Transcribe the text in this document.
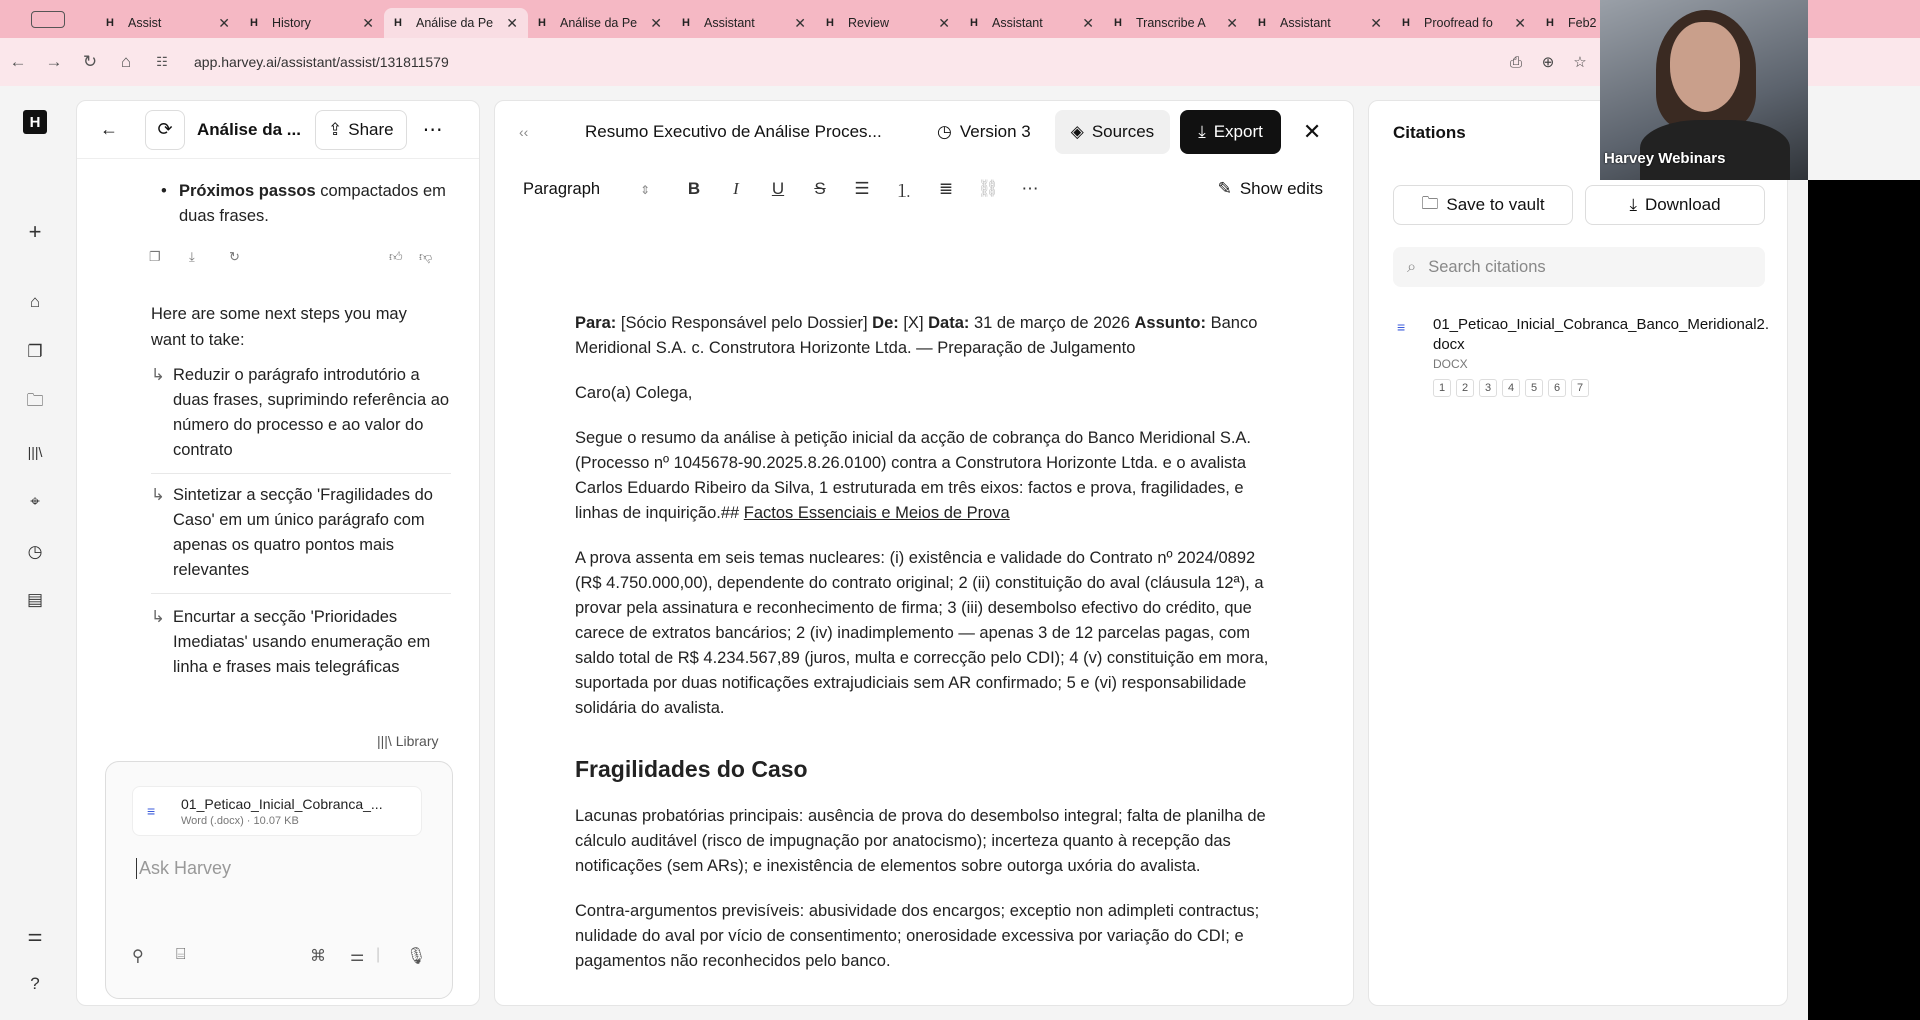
H	Assist	✕ H	History	✕ H	Análise da Pe ✕ H	Análise da Pe ✕ H	Assistant	✕ H	Review	✕ H	Assistant	✕ H	Transcribe A	✕ H	Assistant	✕ H	Proofread fo	✕ H	Feb2
←	→	↻	⌂	☷	app.harvey.ai/assistant/assist/131811579	⎙	⊕	☆
H
+
⌂
❐
🗀
|||\
⌖
◷
▤
⚌
?
←	⟳	Análise da ...	⇪ Share ⋯
• Próximos passos compactados em duas frases.
❐ ⤓	↻	👍︎ 👎︎
Here are some next steps you may want to take:
↳ Reduzir o parágrafo introdutório a duas frases, suprimindo referência ao número do processo e ao valor do contrato
↳ Sintetizar a secção 'Fragilidades do Caso' em um único parágrafo com apenas os quatro pontos mais relevantes
↳ Encurtar a secção 'Prioridades Imediatas' usando enumeração em linha e frases mais telegráficas
|||\ Library
≡ 01_Peticao_Inicial_Cobranca_...
Word (.docx) · 10.07 KB
Ask Harvey
⚲ ⌸	⌘ ⚌ | 🎙︎
‹‹	Resumo Executivo de Análise Proces...	◷ Version 3 ◈ Sources	⤓ Export ✕
Paragraph	⇕	B	I	U	S	☰	⒈	≣	⛓	⋯	✎ Show edits

Para: [Sócio Responsável pelo Dossier] De: [X] Data: 31 de março de 2026 Assunto: Banco Meridional S.A. c. Construtora Horizonte Ltda. — Preparação de Julgamento

Caro(a) Colega,

Segue o resumo da análise à petição inicial da acção de cobrança do Banco Meridional S.A. (Processo nº 1045678-90.2025.8.26.0100) contra a Construtora Horizonte Ltda. e o avalista Carlos Eduardo Ribeiro da Silva, 1 estruturada em três eixos: factos e prova, fragilidades, e linhas de inquirição.## Factos Essenciais e Meios de Prova

A prova assenta em seis temas nucleares: (i) existência e validade do Contrato nº 2024/0892 (R$ 4.750.000,00), dependente do contrato original; 2 (ii) constituição do aval (cláusula 12ª), a provar pela assinatura e reconhecimento de firma; 3 (iii) desembolso efectivo do crédito, que carece de extratos bancários; 2 (iv) inadimplemento — apenas 3 de 12 parcelas pagas, com saldo total de R$ 4.234.567,89 (juros, multa e correcção pelo CDI); 4 (v) constituição em mora, suportada por duas notificações extrajudiciais sem AR confirmado; 5 e (vi) responsabilidade solidária do avalista.

Fragilidades do Caso

Lacunas probatórias principais: ausência de prova do desembolso integral; falta de planilha de cálculo auditável (risco de impugnação por anatocismo); incerteza quanto à recepção das notificações (sem ARs); e inexistência de elementos sobre outorga uxória do avalista.

Contra-argumentos previsíveis: abusividade dos encargos; exceptio non adimpleti contractus; nulidade do aval por vício de consentimento; onerosidade excessiva por variação do CDI; e pagamentos não reconhecidos pelo banco.

Citations
🗀 Save to vault	⤓ Download
⌕ Search citations
≡ 01_Peticao_Inicial_Cobranca_Banco_Meridional2.docx
DOCX
1	2	3	4	5	6	7
Harvey Webinars
